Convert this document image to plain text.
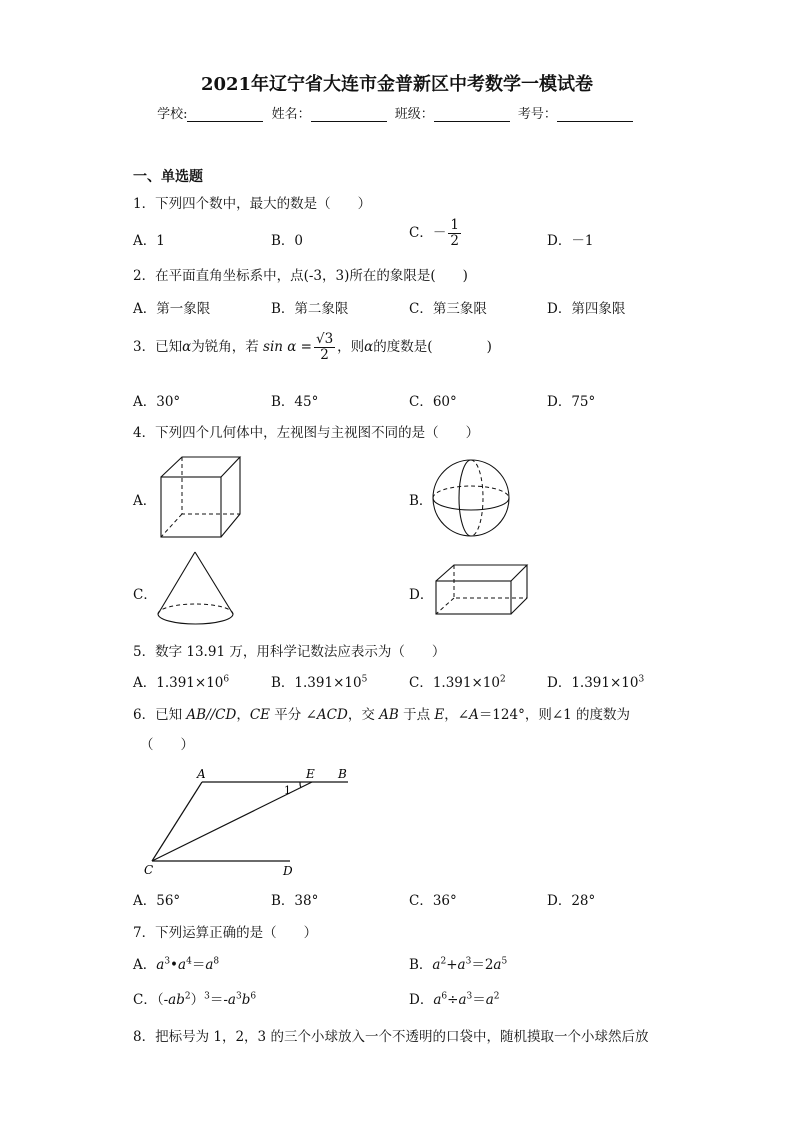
2021年辽宁省大连市金普新区中考数学一模试卷
学校:	姓名：	班级：	考号：
一、单选题
1．下列四个数中，最大的数是（　　）
A．1	B．0
C．－ $\frac{1}{2}$	D．－1
2．在平面直角坐标系中，点(-3，3)所在的象限是(　　)
A．第一象限	B．第二象限	C．第三象限	D．第四象限
3．已知α为锐角，若 $\sin \alpha = \frac{√3}{2}$ ，则α的度数是(　　　　)
A．30°	B．45°	C．60°	D．75°
4．下列四个几何体中，左视图与主视图不同的是（　　）
A．	B．
C．	D．
5．数字 13.91 万，用科学记数法应表示为（　　）
A．$1.391\times 10^6$	B．$1.391\times 10^5$	C．$1.391\times 10^2$	D．$1.391\times 10^3$
6．已知 AB//CD，CE 平分 ∠ACD，交 AB 于点 E，∠A＝124°，则∠1 的度数为
（　　）
A	E B
C	D
1
A．56°	B．38°	C．36°	D．28°
7．下列运算正确的是（　　）
A．$a^3•a^4=a^8$	B．$a^2+a^3=2a^5$
C．$(-ab^2)^3=-a^3b^6$	D．$a^6\div a^3=a^2$
8．把标号为 1，2，3 的三个小球放入一个不透明的口袋中，随机摸取一个小球然后放
